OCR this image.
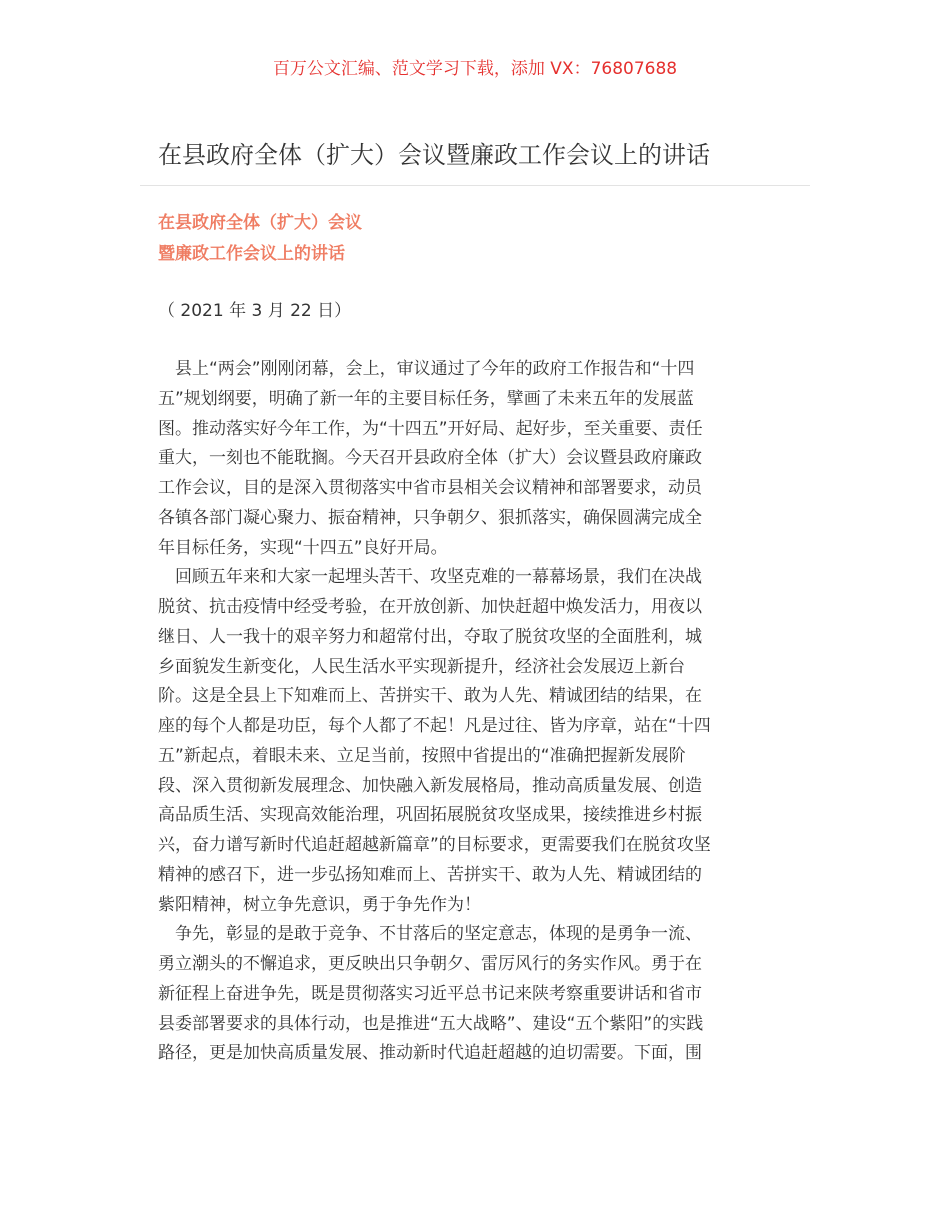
百万公文汇编、范文学习下载，添加 VX：76807688
在县政府全体（扩大）会议暨廉政工作会议上的讲话
在县政府全体（扩大）会议
暨廉政工作会议上的讲话
（ 2021 年 3 月 22 日）
　县上“两会”刚刚闭幕，会上，审议通过了今年的政府工作报告和“十四
五”规划纲要，明确了新一年的主要目标任务，擘画了未来五年的发展蓝
图。推动落实好今年工作，为“十四五”开好局、起好步，至关重要、责任
重大，一刻也不能耽搁。今天召开县政府全体（扩大）会议暨县政府廉政
工作会议，目的是深入贯彻落实中省市县相关会议精神和部署要求，动员
各镇各部门凝心聚力、振奋精神，只争朝夕、狠抓落实，确保圆满完成全
年目标任务，实现“十四五”良好开局。
　回顾五年来和大家一起埋头苦干、攻坚克难的一幕幕场景，我们在决战
脱贫、抗击疫情中经受考验，在开放创新、加快赶超中焕发活力，用夜以
继日、人一我十的艰辛努力和超常付出，夺取了脱贫攻坚的全面胜利，城
乡面貌发生新变化，人民生活水平实现新提升，经济社会发展迈上新台
阶。这是全县上下知难而上、苦拼实干、敢为人先、精诚团结的结果，在
座的每个人都是功臣，每个人都了不起！凡是过往、皆为序章，站在“十四
五”新起点，着眼未来、立足当前，按照中省提出的“准确把握新发展阶
段、深入贯彻新发展理念、加快融入新发展格局，推动高质量发展、创造
高品质生活、实现高效能治理，巩固拓展脱贫攻坚成果，接续推进乡村振
兴，奋力谱写新时代追赶超越新篇章”的目标要求，更需要我们在脱贫攻坚
精神的感召下，进一步弘扬知难而上、苦拼实干、敢为人先、精诚团结的
紫阳精神，树立争先意识，勇于争先作为！
　争先，彰显的是敢于竞争、不甘落后的坚定意志，体现的是勇争一流、
勇立潮头的不懈追求，更反映出只争朝夕、雷厉风行的务实作风。勇于在
新征程上奋进争先，既是贯彻落实习近平总书记来陕考察重要讲话和省市
县委部署要求的具体行动，也是推进“五大战略”、建设“五个紫阳”的实践
路径，更是加快高质量发展、推动新时代追赶超越的迫切需要。下面，围
